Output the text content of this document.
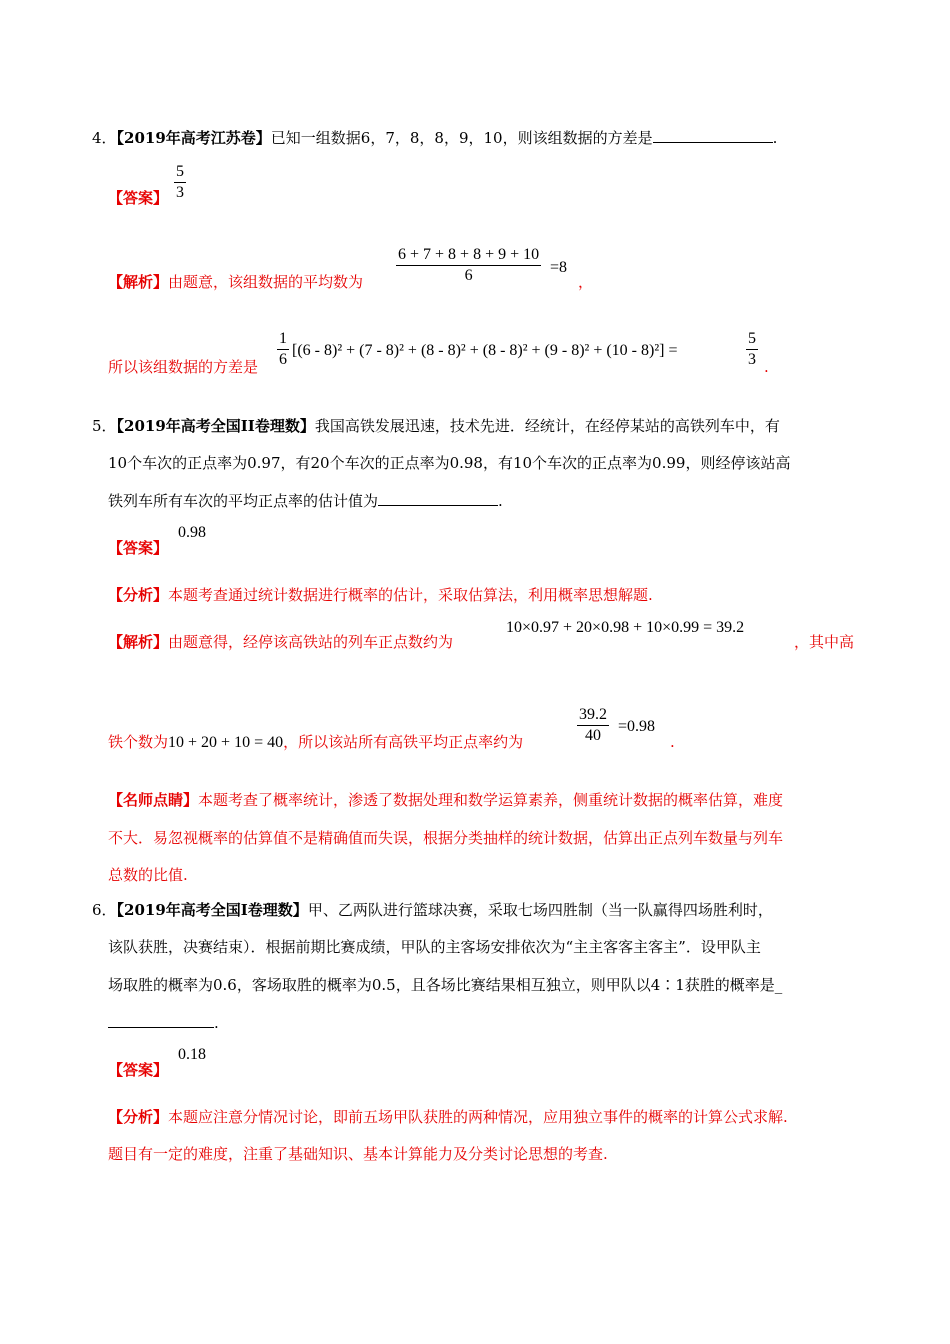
4．【2019年高考江苏卷】已知一组数据6，7，8，8，9，10，则该组数据的方差是	.
【答案】 $\frac{5}{3}$
【解析】由题意，该组数据的平均数为 $\frac{6 + 7 + 8 + 8 + 9 + 10}{6} =8$
，
所以该组数据的方差是 $\frac{1}{6} [(6 - 8)^2 + (7 - 8)^2 + (8 - 8)^2 + (8 - 8)^2 + (9 - 8)^2 + (10 - 8)^2]$ =	$\frac{5}{3}$ .
5．【2019年高考全国II卷理数】我国高铁发展迅速，技术先进．经统计，在经停某站的高铁列车中，有
10个车次的正点率为0.97，有20个车次的正点率为0.98，有10个车次的正点率为0.99，则经停该站高
铁列车所有车次的平均正点率的估计值为	.
【答案】
0.98
【分析】本题考查通过统计数据进行概率的估计，采取估算法，利用概率思想解题.
【解析】由题意得，经停该高铁站的列车正点数约为
10×0.97 + 20×0.98 + 10×0.99 = 39.2
，其中高
铁个数为10 + 20 + 10 = 40，所以该站所有高铁平均正点率约为	$\frac{39.2}{40} =0.98$
.
【名师点睛】本题考查了概率统计，渗透了数据处理和数学运算素养，侧重统计数据的概率估算，难度
不大．易忽视概率的估算值不是精确值而失误，根据分类抽样的统计数据，估算出正点列车数量与列车
总数的比值.
6．【2019年高考全国Ⅰ卷理数】甲、乙两队进行篮球决赛，采取七场四胜制（当一队赢得四场胜利时，
该队获胜，决赛结束）．根据前期比赛成绩，甲队的主客场安排依次为“主主客客主客主”．设甲队主
场取胜的概率为0.6，客场取胜的概率为0.5，且各场比赛结果相互独立，则甲队以4∶1获胜的概率是_
.
【答案】
0.18
【分析】本题应注意分情况讨论，即前五场甲队获胜的两种情况，应用独立事件的概率的计算公式求解.
题目有一定的难度，注重了基础知识、基本计算能力及分类讨论思想的考查.
